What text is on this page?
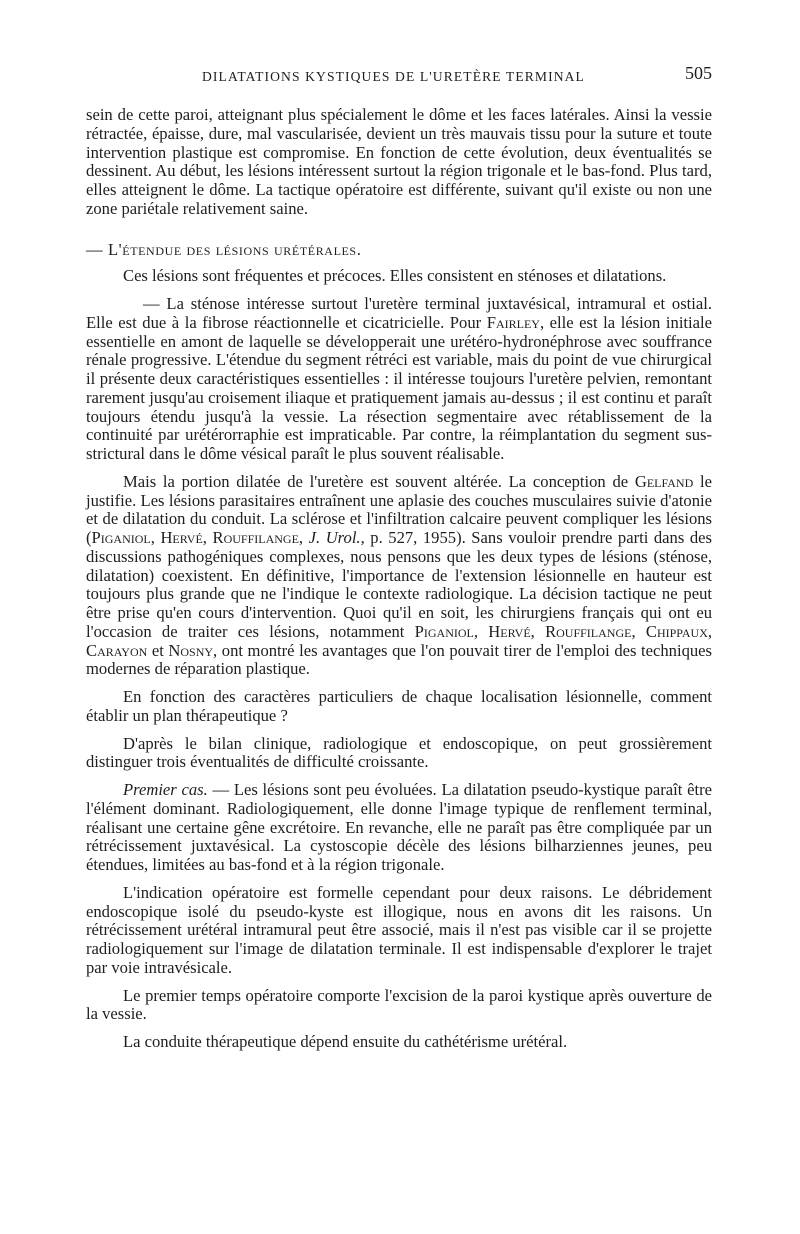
DILATATIONS KYSTIQUES DE L'URETÈRE TERMINAL	505

sein de cette paroi, atteignant plus spécialement le dôme et les faces latérales. Ainsi la vessie rétractée, épaisse, dure, mal vascularisée, devient un très mauvais tissu pour la suture et toute intervention plastique est compromise. En fonction de cette évolution, deux éventualités se dessinent. Au début, les lésions intéressent surtout la région trigonale et le bas-fond. Plus tard, elles atteignent le dôme. La tactique opératoire est différente, suivant qu'il existe ou non une zone pariétale relativement saine.

— L'étendue des lésions urétérales.

Ces lésions sont fréquentes et précoces. Elles consistent en sténoses et dilatations.

— La sténose intéresse surtout l'uretère terminal juxtavésical, intramural et ostial. Elle est due à la fibrose réactionnelle et cicatricielle. Pour Fairley, elle est la lésion initiale essentielle en amont de laquelle se développerait une urétéro-hydronéphrose avec souffrance rénale progressive. L'étendue du segment rétréci est variable, mais du point de vue chirurgical il présente deux caractéristiques essentielles : il intéresse toujours l'uretère pelvien, remontant rarement jusqu'au croisement iliaque et pratiquement jamais au-dessus ; il est continu et paraît toujours étendu jusqu'à la vessie. La résection segmentaire avec rétablissement de la continuité par urétérorraphie est impraticable. Par contre, la réimplantation du segment sus-strictural dans le dôme vésical paraît le plus souvent réalisable.

Mais la portion dilatée de l'uretère est souvent altérée. La conception de Gelfand le justifie. Les lésions parasitaires entraînent une aplasie des couches musculaires suivie d'atonie et de dilatation du conduit. La sclérose et l'infiltration calcaire peuvent compliquer les lésions (Piganiol, Hervé, Rouffilange, J. Urol., p. 527, 1955). Sans vouloir prendre parti dans des discussions pathogéniques complexes, nous pensons que les deux types de lésions (sténose, dilatation) coexistent. En définitive, l'importance de l'extension lésionnelle en hauteur est toujours plus grande que ne l'indique le contexte radiologique. La décision tactique ne peut être prise qu'en cours d'intervention. Quoi qu'il en soit, les chirurgiens français qui ont eu l'occasion de traiter ces lésions, notamment Piganiol, Hervé, Rouffilange, Chippaux, Carayon et Nosny, ont montré les avantages que l'on pouvait tirer de l'emploi des techniques modernes de réparation plastique.

En fonction des caractères particuliers de chaque localisation lésionnelle, comment établir un plan thérapeutique ?

D'après le bilan clinique, radiologique et endoscopique, on peut grossièrement distinguer trois éventualités de difficulté croissante.

Premier cas. — Les lésions sont peu évoluées. La dilatation pseudo-kystique paraît être l'élément dominant. Radiologiquement, elle donne l'image typique de renflement terminal, réalisant une certaine gêne excrétoire. En revanche, elle ne paraît pas être compliquée par un rétrécissement juxtavésical. La cystoscopie décèle des lésions bilharziennes jeunes, peu étendues, limitées au bas-fond et à la région trigonale.

L'indication opératoire est formelle cependant pour deux raisons. Le débridement endoscopique isolé du pseudo-kyste est illogique, nous en avons dit les raisons. Un rétrécissement urétéral intramural peut être associé, mais il n'est pas visible car il se projette radiologiquement sur l'image de dilatation terminale. Il est indispensable d'explorer le trajet par voie intravésicale.

Le premier temps opératoire comporte l'excision de la paroi kystique après ouverture de la vessie.

La conduite thérapeutique dépend ensuite du cathétérisme urétéral.
